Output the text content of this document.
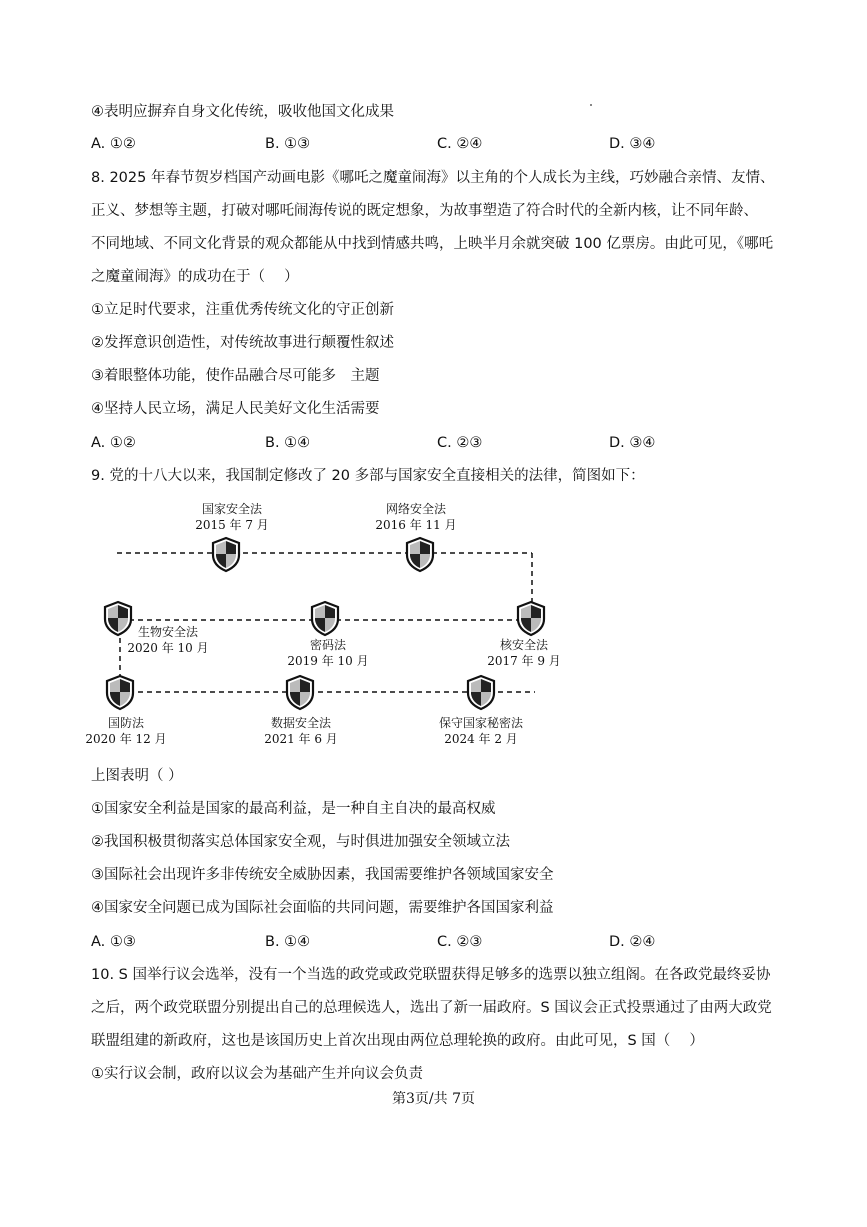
④表明应摒弃自身文化传统，吸收他国文化成果
A. ①②	B. ①③	C. ②④	D. ③④
8. 2025 年春节贺岁档国产动画电影《哪吒之魔童闹海》以主角的个人成长为主线，巧妙融合亲情、友情、
正义、梦想等主题，打破对哪吒闹海传说的既定想象，为故事塑造了符合时代的全新内核，让不同年龄、
不同地域、不同文化背景的观众都能从中找到情感共鸣，上映半月余就突破 100 亿票房。由此可见，《哪吒
之魔童闹海》的成功在于（　 ）
①立足时代要求，注重优秀传统文化的守正创新
②发挥意识创造性，对传统故事进行颠覆性叙述
③着眼整体功能，使作品融合尽可能多　主题
④坚持人民立场，满足人民美好文化生活需要
A. ①②	B. ①④	C. ②③	D. ③④
9. 党的十八大以来，我国制定修改了 20 多部与国家安全直接相关的法律，简图如下：
国家安全法
2015 年 7 月
网络安全法
2016 年 11 月
核安全法
2017 年 9 月
密码法
2019 年 10 月
生物安全法
2020 年 10 月
国防法
2020 年 12 月
数据安全法
2021 年 6 月
保守国家秘密法
2024 年 2 月
上图表明（ ）
①国家安全利益是国家的最高利益，是一种自主自决的最高权威
②我国积极贯彻落实总体国家安全观，与时俱进加强安全领域立法
③国际社会出现许多非传统安全威胁因素，我国需要维护各领域国家安全
④国家安全问题已成为国际社会面临的共同问题，需要维护各国国家利益
A. ①③	B. ①④	C. ②③	D. ②④
10. S 国举行议会选举，没有一个当选的政党或政党联盟获得足够多的选票以独立组阁。在各政党最终妥协
之后，两个政党联盟分别提出自己的总理候选人，选出了新一届政府。S 国议会正式投票通过了由两大政党
联盟组建的新政府，这也是该国历史上首次出现由两位总理轮换的政府。由此可见，S 国（　 ）
①实行议会制，政府以议会为基础产生并向议会负责
第3页/共 7页
